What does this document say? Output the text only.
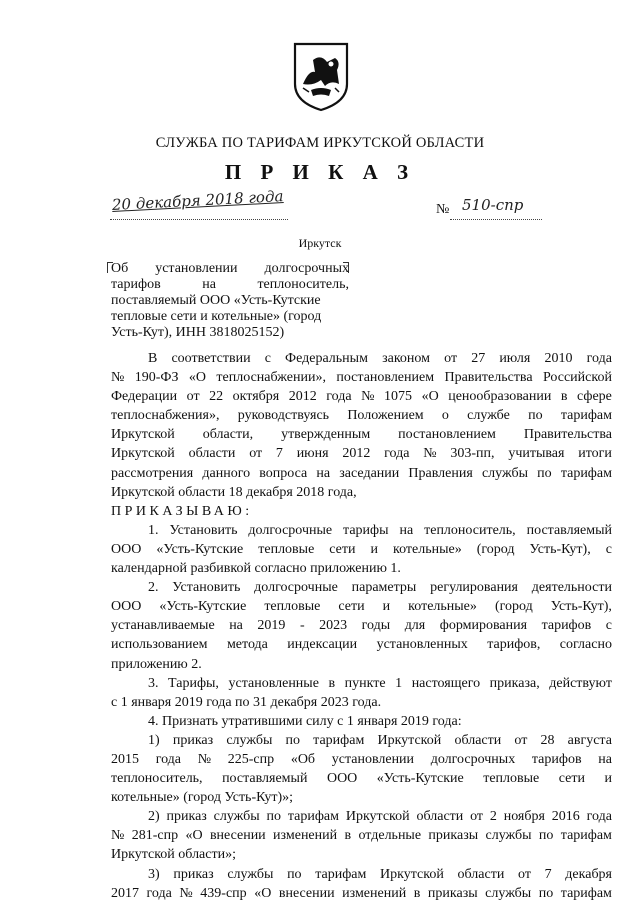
СЛУЖБА ПО ТАРИФАМ ИРКУТСКОЙ ОБЛАСТИ
П Р И К А З
20 декабря 2018 года	№ 510-спр
Иркутск
Об установлении долгосрочных
тарифов	на	теплоноситель,
поставляемый ООО «Усть-Кутские
тепловые сети и котельные» (город
Усть-Кут), ИНН 3818025152)
В соответствии с Федеральным законом от 27 июля 2010 года
№ 190-ФЗ «О теплоснабжении», постановлением Правительства Российской
Федерации от 22 октября 2012 года № 1075 «О ценообразовании в сфере
теплоснабжения», руководствуясь Положением о службе по тарифам
Иркутской области, утвержденным постановлением Правительства
Иркутской области от 7 июня 2012 года № 303-пп, учитывая итоги
рассмотрения данного вопроса на заседании Правления службы по тарифам
Иркутской области 18 декабря 2018 года,
ПРИКАЗЫВАЮ:
1. Установить долгосрочные тарифы на теплоноситель, поставляемый
ООО «Усть-Кутские тепловые сети и котельные» (город Усть-Кут), с
календарной разбивкой согласно приложению 1.
2. Установить долгосрочные параметры регулирования деятельности
ООО «Усть-Кутские тепловые сети и котельные» (город Усть-Кут),
устанавливаемые на 2019 - 2023 годы для формирования тарифов с
использованием метода индексации установленных тарифов, согласно
приложению 2.
3. Тарифы, установленные в пункте 1 настоящего приказа, действуют
с 1 января 2019 года по 31 декабря 2023 года.
4. Признать утратившими силу с 1 января 2019 года:
1) приказ службы по тарифам Иркутской области от 28 августа
2015 года № 225-спр «Об установлении долгосрочных тарифов на
теплоноситель, поставляемый ООО «Усть-Кутские тепловые сети и
котельные» (город Усть-Кут)»;
2) приказ службы по тарифам Иркутской области от 2 ноября 2016 года
№ 281-спр «О внесении изменений в отдельные приказы службы по тарифам
Иркутской области»;
3) приказ службы по тарифам Иркутской области от 7 декабря
2017 года № 439-спр «О внесении изменений в приказы службы по тарифам
